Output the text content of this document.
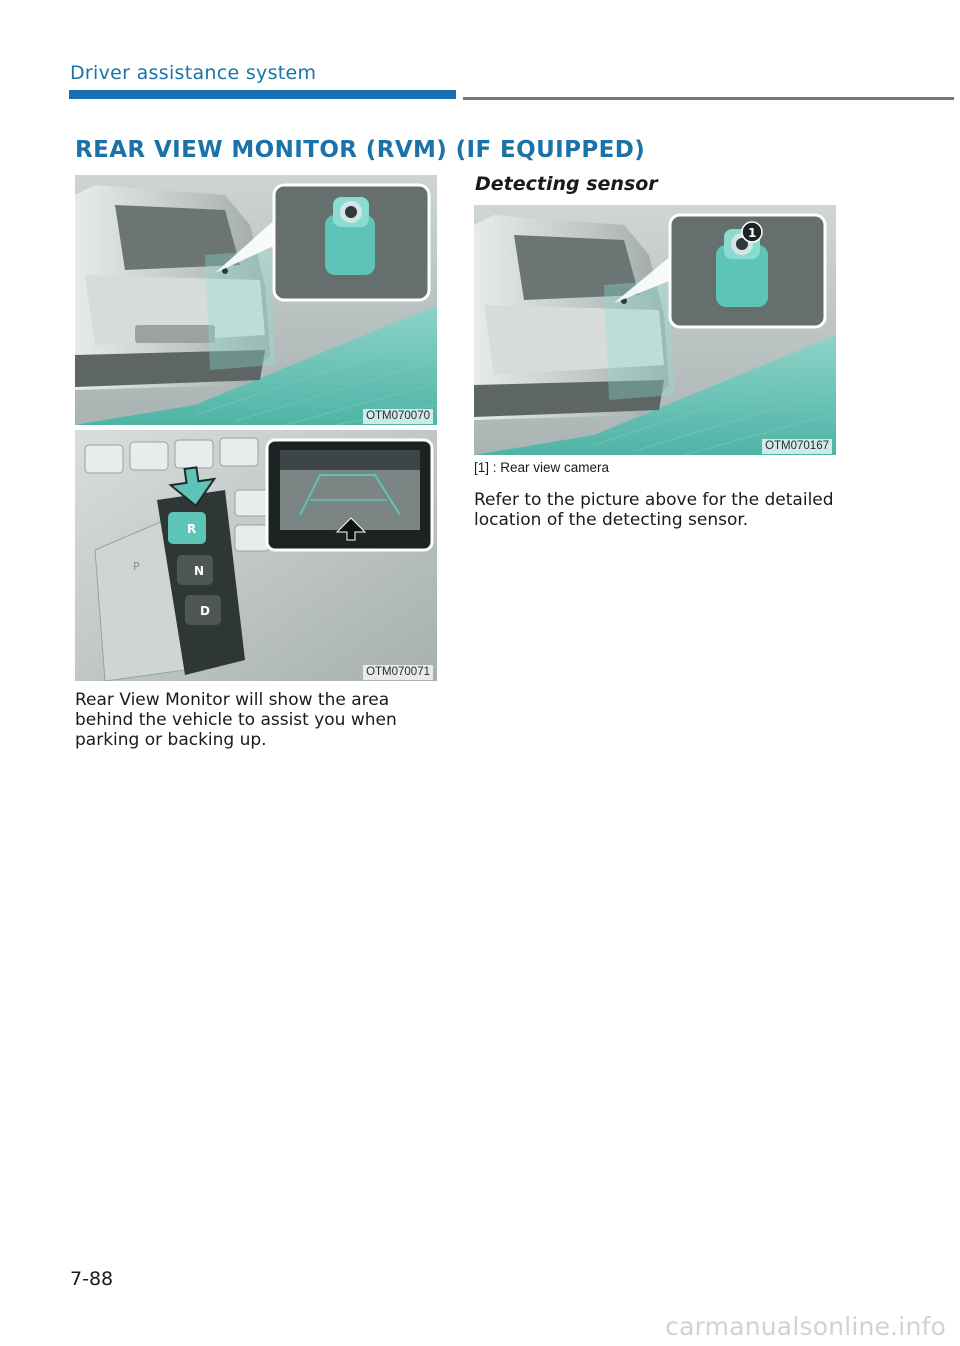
Driver assistance system
REAR VIEW MONITOR (RVM) (IF EQUIPPED)
OTM070070
R
N
D
P
OTM070071

Rear View Monitor will show the area behind the vehicle to assist you when parking or backing up.

Detecting sensor
1
OTM070167
[1] : Rear view camera

Refer to the picture above for the detailed location of the detecting sensor.

7-88
carmanualsonline.info
